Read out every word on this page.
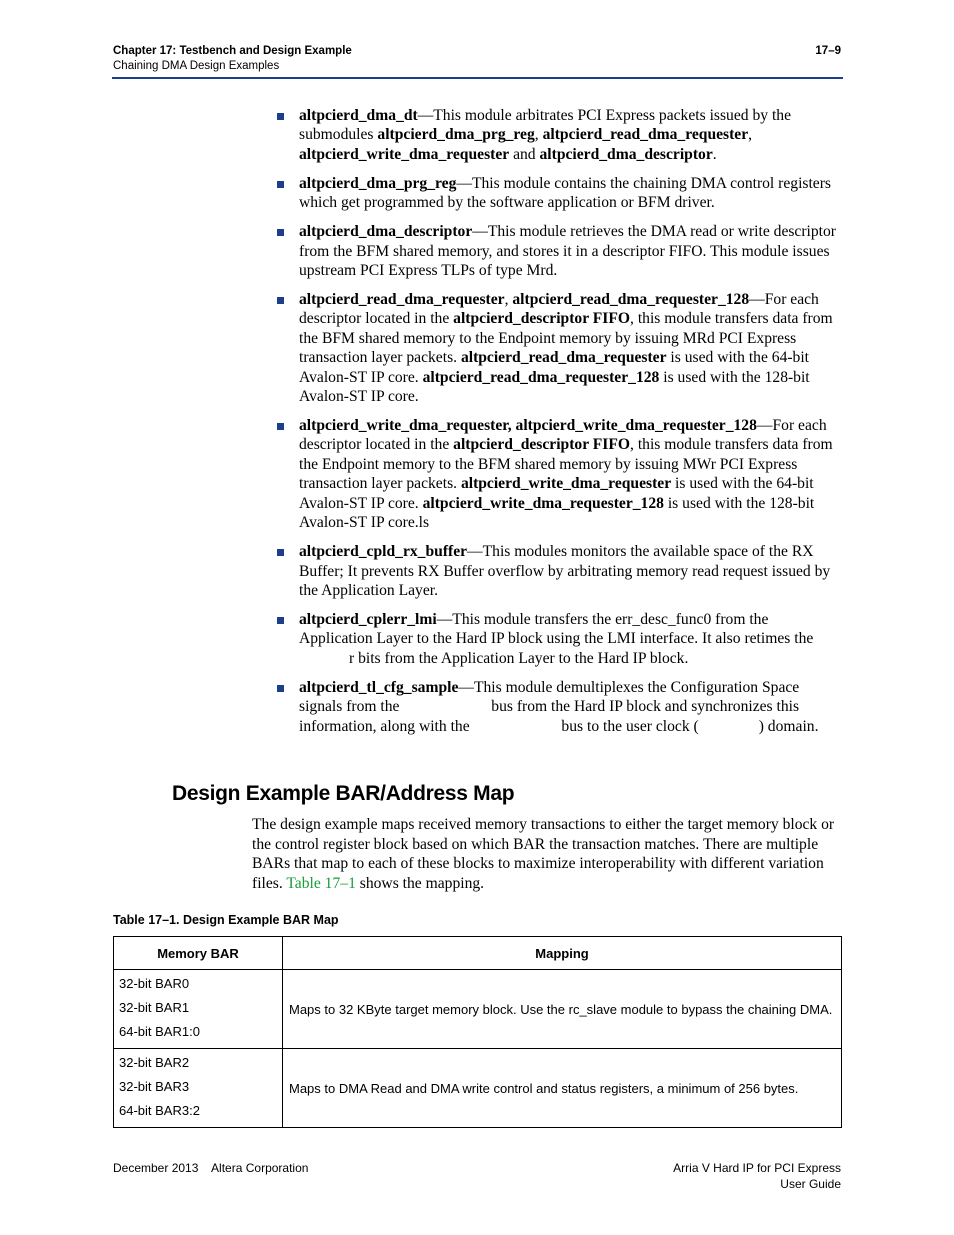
Chapter 17: Testbench and Design Example
Chaining DMA Design Examples
17–9
altpcierd_dma_dt—This module arbitrates PCI Express packets issued by the submodules altpcierd_dma_prg_reg, altpcierd_read_dma_requester, altpcierd_write_dma_requester and altpcierd_dma_descriptor.
altpcierd_dma_prg_reg—This module contains the chaining DMA control registers which get programmed by the software application or BFM driver.
altpcierd_dma_descriptor—This module retrieves the DMA read or write descriptor from the BFM shared memory, and stores it in a descriptor FIFO. This module issues upstream PCI Express TLPs of type Mrd.
altpcierd_read_dma_requester, altpcierd_read_dma_requester_128—For each descriptor located in the altpcierd_descriptor FIFO, this module transfers data from the BFM shared memory to the Endpoint memory by issuing MRd PCI Express transaction layer packets. altpcierd_read_dma_requester is used with the 64-bit Avalon-ST IP core. altpcierd_read_dma_requester_128 is used with the 128-bit Avalon-ST IP core.
altpcierd_write_dma_requester, altpcierd_write_dma_requester_128—For each descriptor located in the altpcierd_descriptor FIFO, this module transfers data from the Endpoint memory to the BFM shared memory by issuing MWr PCI Express transaction layer packets. altpcierd_write_dma_requester is used with the 64-bit Avalon-ST IP core. altpcierd_write_dma_requester_128 is used with the 128-bit Avalon-ST IP core.ls
altpcierd_cpld_rx_buffer—This modules monitors the available space of the RX Buffer; It prevents RX Buffer overflow by arbitrating memory read request issued by the Application Layer.
altpcierd_cplerr_lmi—This module transfers the err_desc_func0 from the Application Layer to the Hard IP block using the LMI interface. It also retimes the r bits from the Application Layer to the Hard IP block.
altpcierd_tl_cfg_sample—This module demultiplexes the Configuration Space signals from the	bus from the Hard IP block and synchronizes this information, along with the	bus to the user clock (	) domain.
Design Example BAR/Address Map

The design example maps received memory transactions to either the target memory block or the control register block based on which BAR the transaction matches. There are multiple BARs that map to each of these blocks to maximize interoperability with different variation files. Table 17–1 shows the mapping.

Table 17–1. Design Example BAR Map
Memory BAR	Mapping

32-bit BAR0
32-bit BAR1
64-bit BAR1:0	Maps to 32 KByte target memory block. Use the rc_slave module to bypass the chaining DMA.

32-bit BAR2
32-bit BAR3
64-bit BAR3:2	Maps to DMA Read and DMA write control and status registers, a minimum of 256 bytes.
December 2013    Altera Corporation	Arria V Hard IP for PCI Express
User Guide
